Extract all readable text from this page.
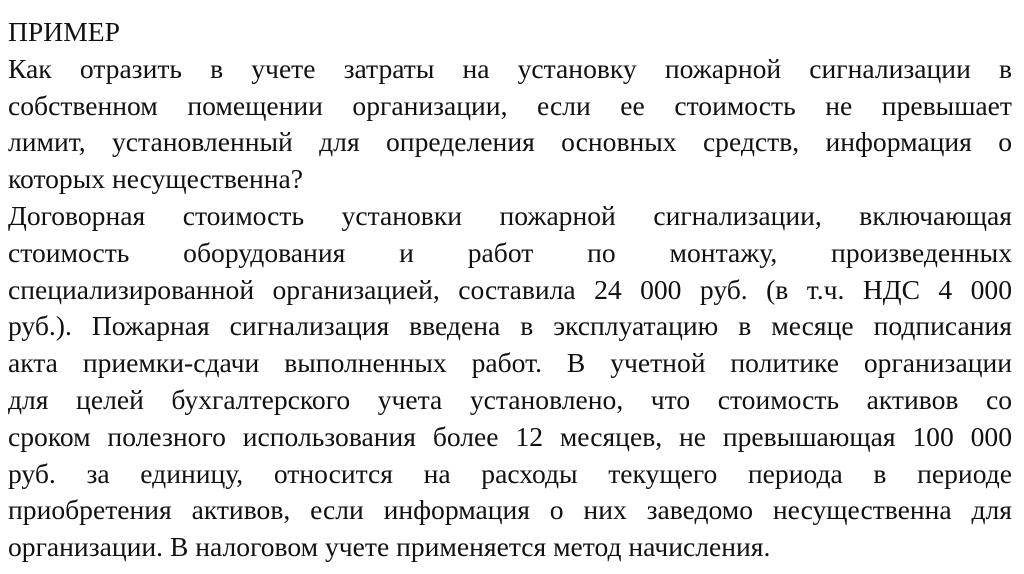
ПРИМЕР
Как отразить в учете затраты на установку пожарной сигнализации в
собственном помещении организации, если ее стоимость не превышает
лимит, установленный для определения основных средств, информация о
которых несущественна?
Договорная стоимость установки пожарной сигнализации, включающая
стоимость оборудования и работ по монтажу, произведенных
специализированной организацией, составила 24 000 руб. (в т.ч. НДС 4 000
руб.). Пожарная сигнализация введена в эксплуатацию в месяце подписания
акта приемки-сдачи выполненных работ. В учетной политике организации
для целей бухгалтерского учета установлено, что стоимость активов со
сроком полезного использования более 12 месяцев, не превышающая 100 000
руб. за единицу, относится на расходы текущего периода в периоде
приобретения активов, если информация о них заведомо несущественна для
организации. В налоговом учете применяется метод начисления.
